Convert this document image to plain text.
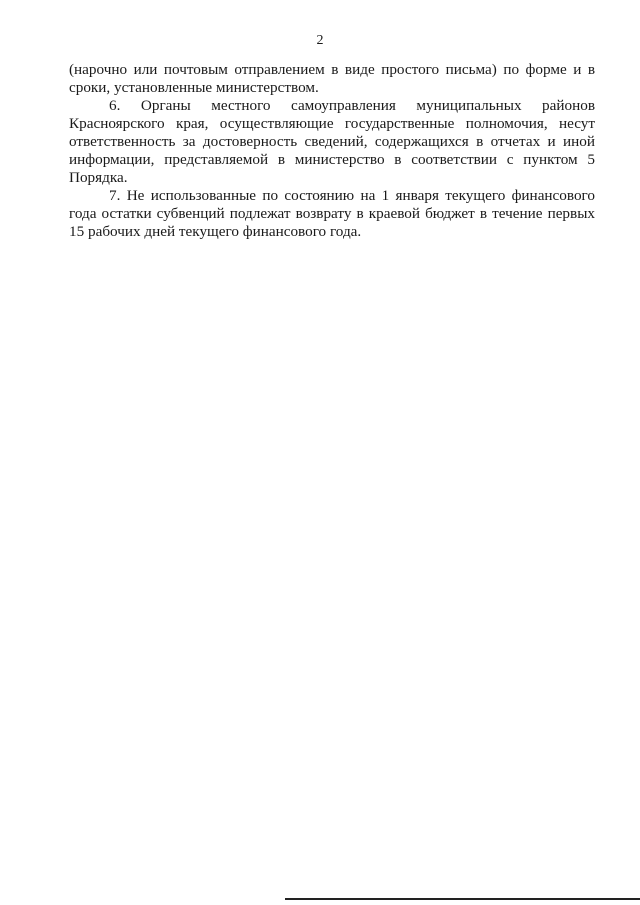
2

(нарочно или почтовым отправлением в виде простого письма) по форме и в сроки, установленные министерством.

6. Органы местного самоуправления муниципальных районов Красноярского края, осуществляющие государственные полномочия, несут ответственность за достоверность сведений, содержащихся в отчетах и иной информации, представляемой в министерство в соответствии с пунктом 5 Порядка.

7. Не использованные по состоянию на 1 января текущего финансового года остатки субвенций подлежат возврату в краевой бюджет в течение первых 15 рабочих дней текущего финансового года.
